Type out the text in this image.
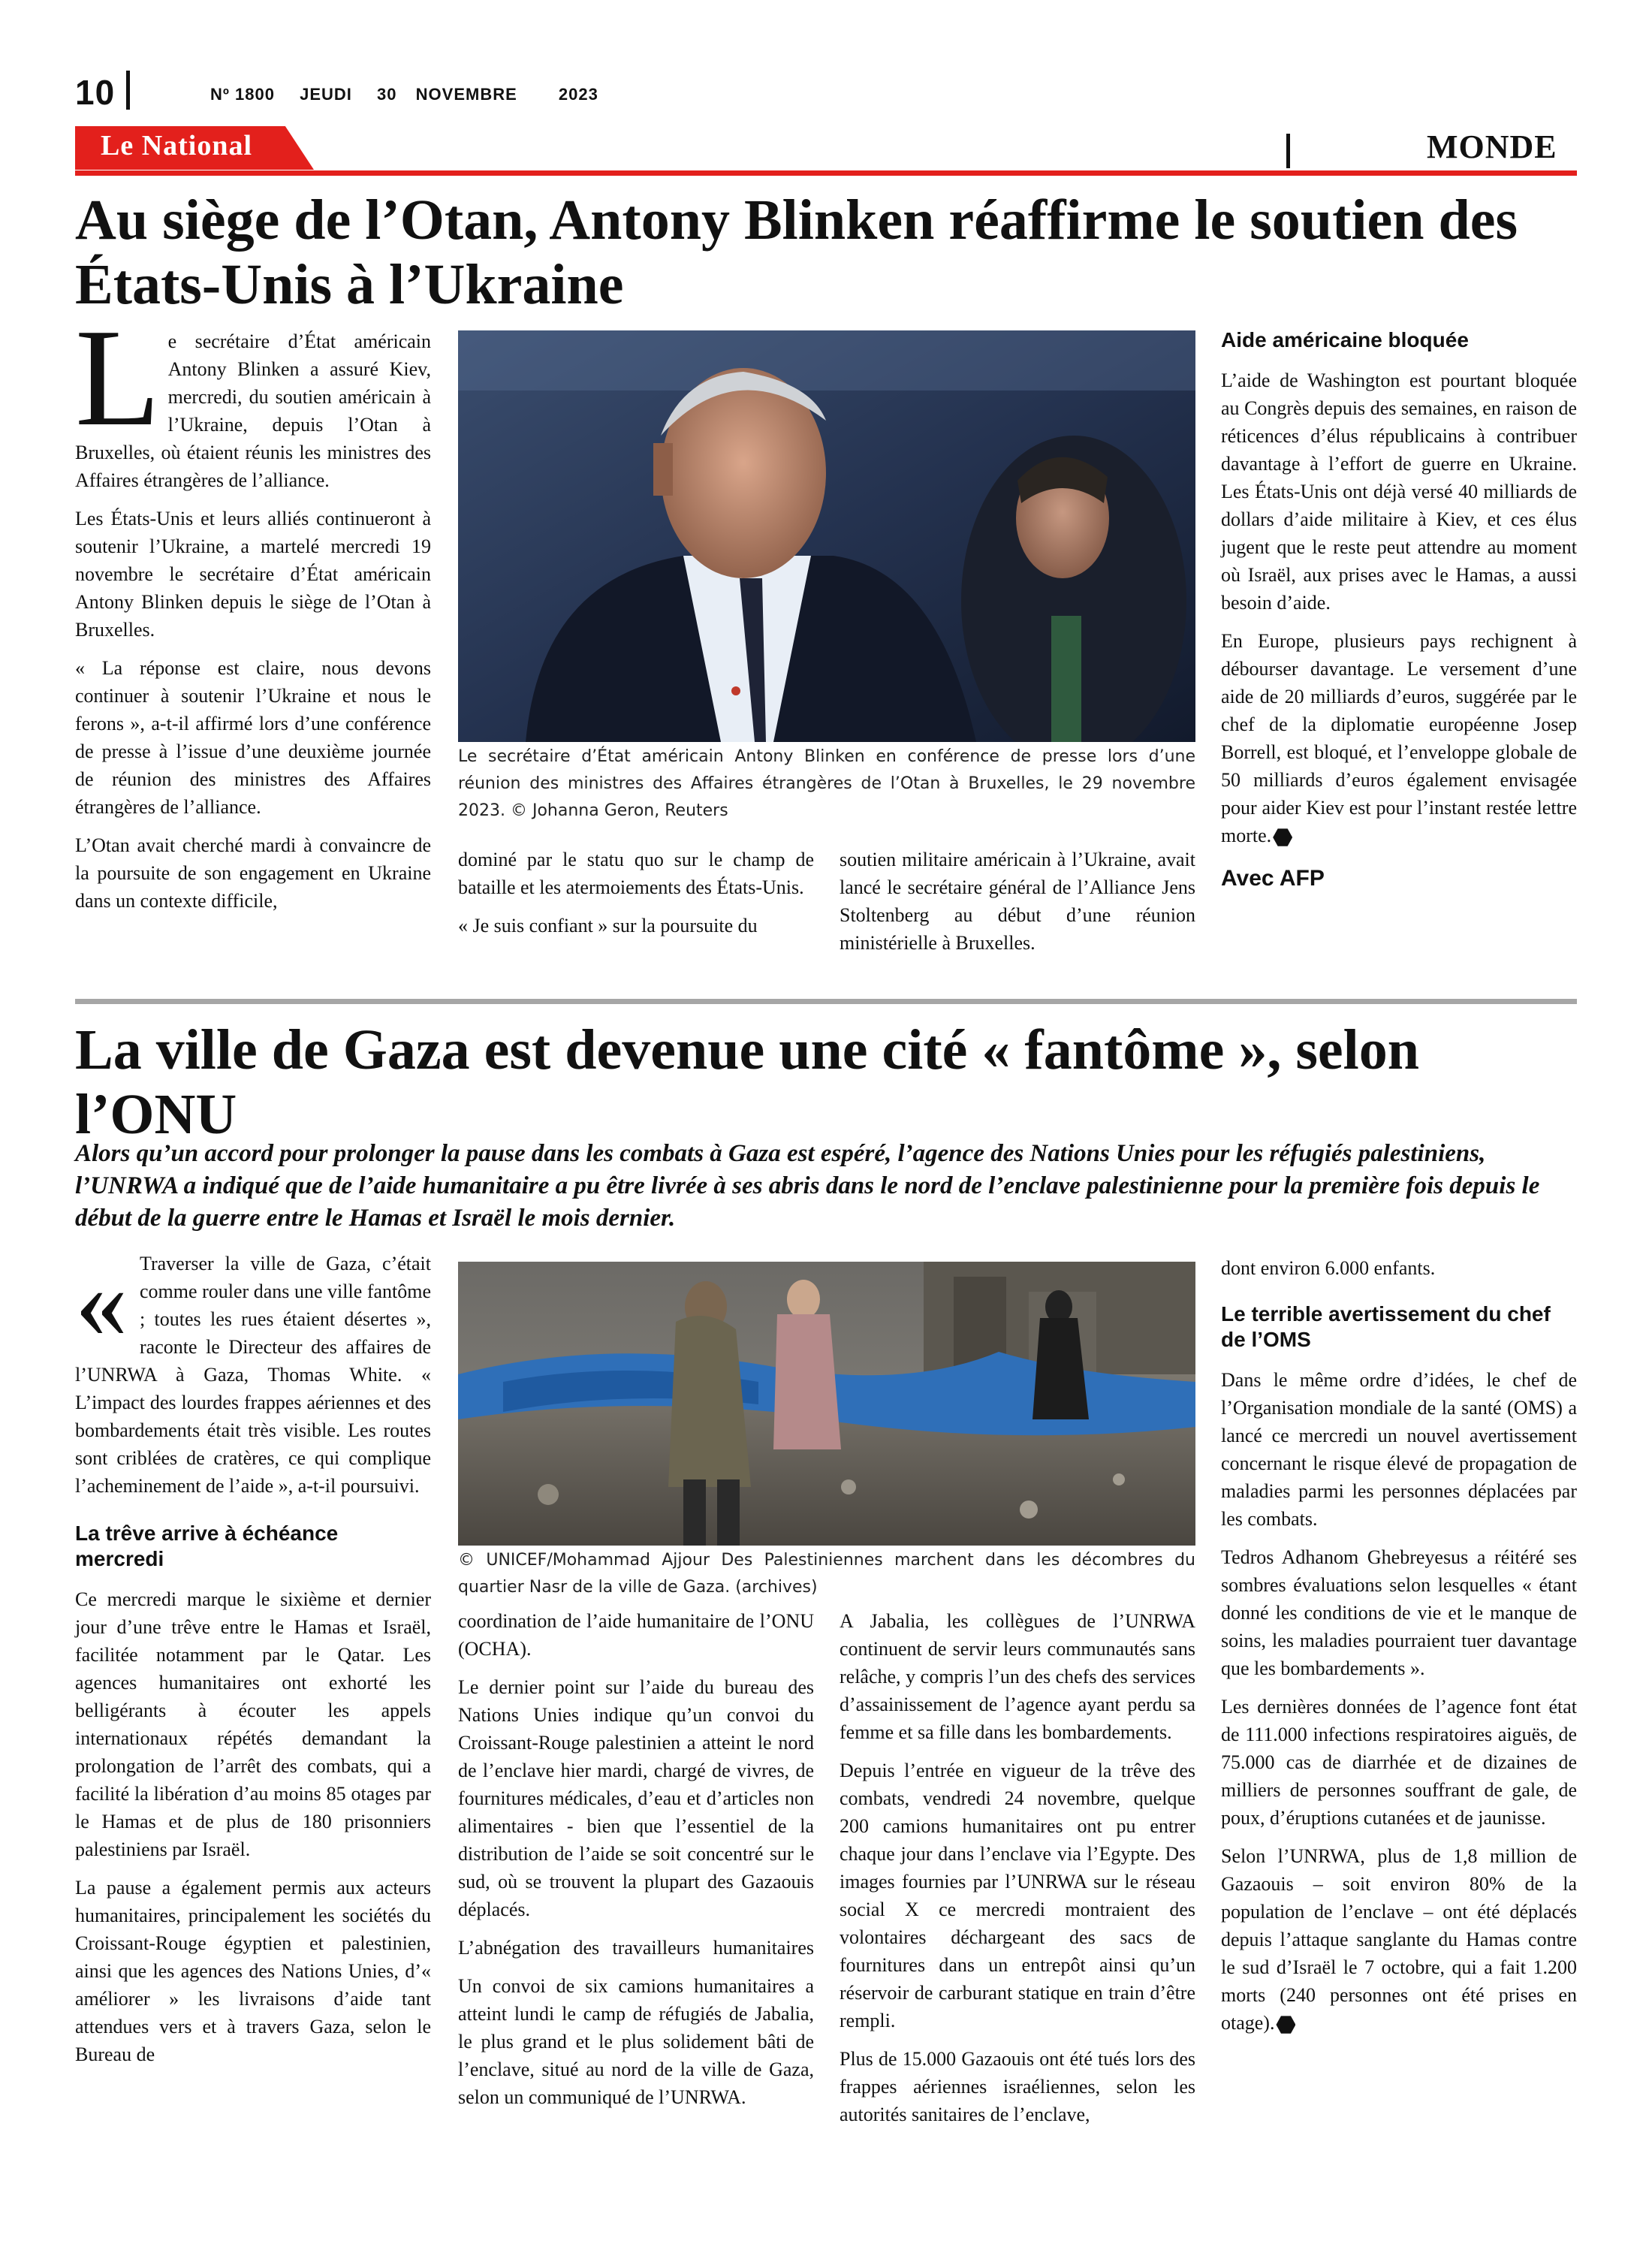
10	Nº 1800 JEUDI 30 NOVEMBRE	2023
Le National	MONDE
Au siège de l’Otan, Antony Blinken réaffirme le soutien des États-Unis à l’Ukraine

Le secrétaire d’État américain Antony Blinken a assuré Kiev, mercredi, du soutien américain à l’Ukraine, depuis l’Otan à Bruxelles, où étaient réunis les ministres des Affaires étrangères de l’alliance.

Les États-Unis et leurs alliés continueront à soutenir l’Ukraine, a martelé mercredi 19 novembre le secrétaire d’État américain Antony Blinken depuis le siège de l’Otan à Bruxelles.

« La réponse est claire, nous devons continuer à soutenir l’Ukraine et nous le ferons », a-t-il affirmé lors d’une conférence de presse à l’issue d’une deuxième journée de réunion des ministres des Affaires étrangères de l’alliance.

L’Otan avait cherché mardi à convaincre de la poursuite de son engagement en Ukraine dans un contexte difficile,

Le secrétaire d’État américain Antony Blinken en conférence de presse lors d’une réunion des ministres des Affaires étrangères de l’Otan à Bruxelles, le 29 novembre 2023. © Johanna Geron, Reuters

dominé par le statu quo sur le champ de bataille et les atermoiements des États-Unis.

« Je suis confiant » sur la poursuite du

soutien militaire américain à l’Ukraine, avait lancé le secrétaire général de l’Alliance Jens Stoltenberg au début d’une réunion ministérielle à Bruxelles.

Aide américaine bloquée

L’aide de Washington est pourtant bloquée au Congrès depuis des semaines, en raison de réticences d’élus républicains à contribuer davantage à l’effort de guerre en Ukraine. Les États-Unis ont déjà versé 40 milliards de dollars d’aide militaire à Kiev, et ces élus jugent que le reste peut attendre au moment où Israël, aux prises avec le Hamas, a aussi besoin d’aide.

En Europe, plusieurs pays rechignent à débourser davantage. Le versement d’une aide de 20 milliards d’euros, suggérée par le chef de la diplomatie européenne Josep Borrell, est bloqué, et l’enveloppe globale de 50 milliards d’euros également envisagée pour aider Kiev est pour l’instant restée lettre morte.

Avec AFP

La ville de Gaza est devenue une cité « fantôme », selon l’ONU
Alors qu’un accord pour prolonger la pause dans les combats à Gaza est espéré, l’agence des Nations Unies pour les réfugiés palestiniens, l’UNRWA a indiqué que de l’aide humanitaire a pu être livrée à ses abris dans le nord de l’enclave palestinienne pour la première fois depuis le début de la guerre entre le Hamas et Israël le mois dernier.

« Traverser la ville de Gaza, c’était comme rouler dans une ville fantôme ; toutes les rues étaient désertes », raconte le Directeur des affaires de l’UNRWA à Gaza, Thomas White. « L’impact des lourdes frappes aériennes et des bombardements était très visible. Les routes sont criblées de cratères, ce qui complique l’acheminement de l’aide », a-t-il poursuivi.

La trêve arrive à échéance mercredi

Ce mercredi marque le sixième et dernier jour d’une trêve entre le Hamas et Israël, facilitée notamment par le Qatar. Les agences humanitaires ont exhorté les belligérants à écouter les appels internationaux répétés demandant la prolongation de l’arrêt des combats, qui a facilité la libération d’au moins 85 otages par le Hamas et de plus de 180 prisonniers palestiniens par Israël.

La pause a également permis aux acteurs humanitaires, principalement les sociétés du Croissant-Rouge égyptien et palestinien, ainsi que les agences des Nations Unies, d’« améliorer » les livraisons d’aide tant attendues vers et à travers Gaza, selon le Bureau de

© UNICEF/Mohammad Ajjour Des Palestiniennes marchent dans les décombres du quartier Nasr de la ville de Gaza. (archives)

coordination de l’aide humanitaire de l’ONU (OCHA).

Le dernier point sur l’aide du bureau des Nations Unies indique qu’un convoi du Croissant-Rouge palestinien a atteint le nord de l’enclave hier mardi, chargé de vivres, de fournitures médicales, d’eau et d’articles non alimentaires - bien que l’essentiel de la distribution de l’aide se soit concentré sur le sud, où se trouvent la plupart des Gazaouis déplacés.

L’abnégation des travailleurs humanitaires

Un convoi de six camions humanitaires a atteint lundi le camp de réfugiés de Jabalia, le plus grand et le plus solidement bâti de l’enclave, situé au nord de la ville de Gaza, selon un communiqué de l’UNRWA.

A Jabalia, les collègues de l’UNRWA continuent de servir leurs communautés sans relâche, y compris l’un des chefs des services d’assainissement de l’agence ayant perdu sa femme et sa fille dans les bombardements.

Depuis l’entrée en vigueur de la trêve des combats, vendredi 24 novembre, quelque 200 camions humanitaires ont pu entrer chaque jour dans l’enclave via l’Egypte. Des images fournies par l’UNRWA sur le réseau social X ce mercredi montraient des volontaires déchargeant des sacs de fournitures dans un entrepôt ainsi qu’un réservoir de carburant statique en train d’être rempli.

Plus de 15.000 Gazaouis ont été tués lors des frappes aériennes israéliennes, selon les autorités sanitaires de l’enclave,

dont environ 6.000 enfants.

Le terrible avertissement du chef de l’OMS

Dans le même ordre d’idées, le chef de l’Organisation mondiale de la santé (OMS) a lancé ce mercredi un nouvel avertissement concernant le risque élevé de propagation de maladies parmi les personnes déplacées par les combats.

Tedros Adhanom Ghebreyesus a réitéré ses sombres évaluations selon lesquelles « étant donné les conditions de vie et le manque de soins, les maladies pourraient tuer davantage que les bombardements ».

Les dernières données de l’agence font état de 111.000 infections respiratoires aiguës, de 75.000 cas de diarrhée et de dizaines de milliers de personnes souffrant de gale, de poux, d’éruptions cutanées et de jaunisse.

Selon l’UNRWA, plus de 1,8 million de Gazaouis – soit environ 80% de la population de l’enclave – ont été déplacés depuis l’attaque sanglante du Hamas contre le sud d’Israël le 7 octobre, qui a fait 1.200 morts (240 personnes ont été prises en otage).
